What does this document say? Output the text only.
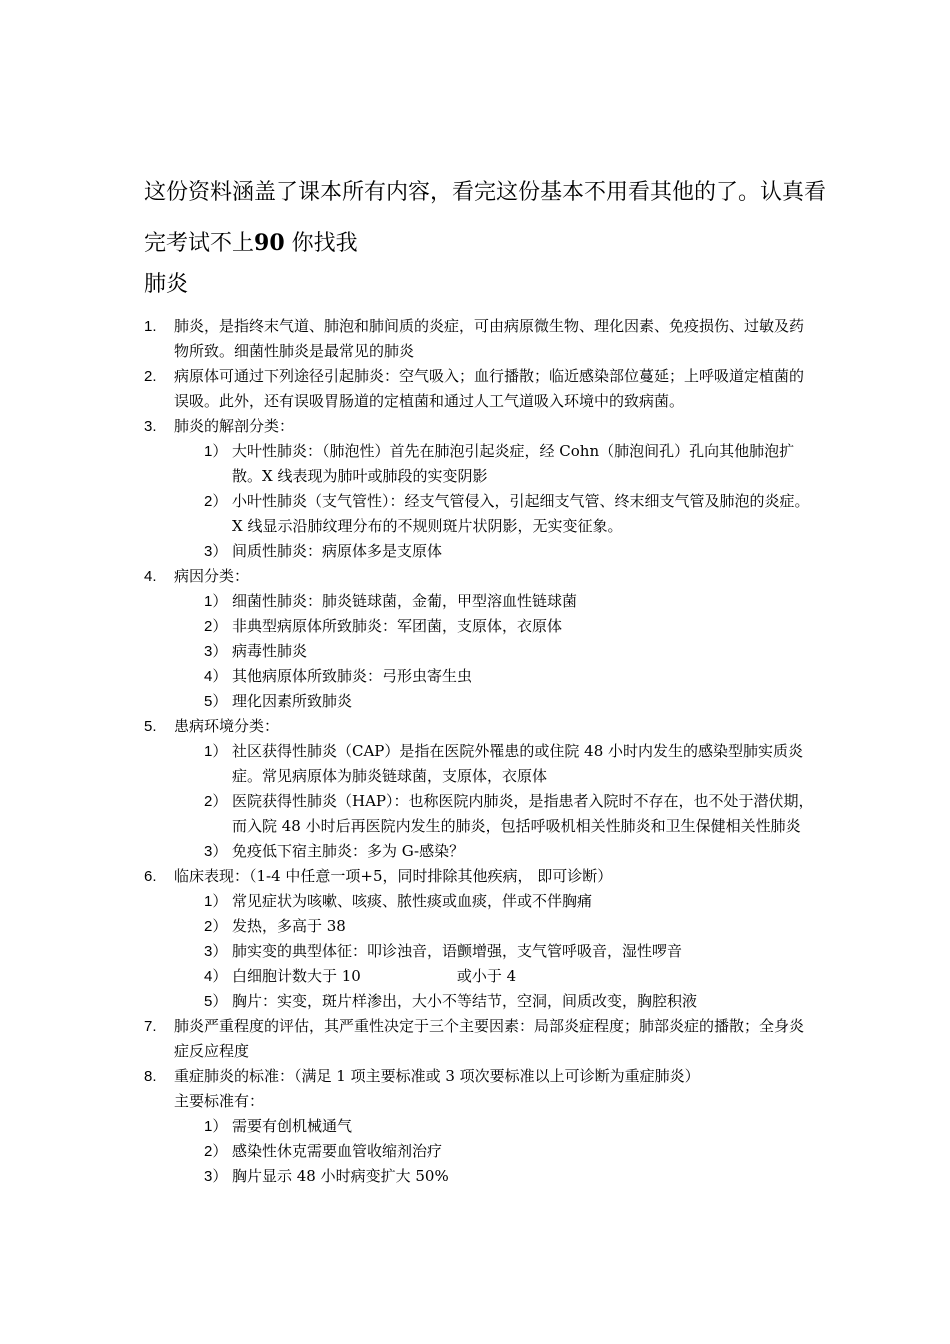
这份资料涵盖了课本所有内容，看完这份基本不用看其他的了。认真看完考试不上90 你找我

肺炎
1. 肺炎，是指终末气道、肺泡和肺间质的炎症，可由病原微生物、理化因素、免疫损伤、过敏及药物所致。细菌性肺炎是最常见的肺炎
2. 病原体可通过下列途径引起肺炎：空气吸入；血行播散；临近感染部位蔓延；上呼吸道定植菌的误吸。此外，还有误吸胃肠道的定植菌和通过人工气道吸入环境中的致病菌。
3. 肺炎的解剖分类：
1） 大叶性肺炎：（肺泡性）首先在肺泡引起炎症，经 Cohn（肺泡间孔）孔向其他肺泡扩散。X 线表现为肺叶或肺段的实变阴影
2） 小叶性肺炎（支气管性）：经支气管侵入，引起细支气管、终末细支气管及肺泡的炎症。X 线显示沿肺纹理分布的不规则斑片状阴影，无实变征象。
3） 间质性肺炎：病原体多是支原体
4. 病因分类：
1） 细菌性肺炎：肺炎链球菌，金葡，甲型溶血性链球菌
2） 非典型病原体所致肺炎：军团菌，支原体，衣原体
3） 病毒性肺炎
4） 其他病原体所致肺炎：弓形虫寄生虫
5） 理化因素所致肺炎
5. 患病环境分类：
1） 社区获得性肺炎（CAP）是指在医院外罹患的或住院 48 小时内发生的感染型肺实质炎症。常见病原体为肺炎链球菌，支原体，衣原体
2） 医院获得性肺炎（HAP）：也称医院内肺炎，是指患者入院时不存在，也不处于潜伏期，而入院 48 小时后再医院内发生的肺炎，包括呼吸机相关性肺炎和卫生保健相关性肺炎
3） 免疫低下宿主肺炎：多为 G-感染？
6. 临床表现：（1-4 中任意一项+5，同时排除其他疾病， 即可诊断）
1） 常见症状为咳嗽、咳痰、脓性痰或血痰，伴或不伴胸痛
2） 发热，多高于 38
3） 肺实变的典型体征：叩诊浊音，语颤增强，支气管呼吸音，湿性啰音
4） 白细胞计数大于 10	或小于 4
5） 胸片：实变，斑片样渗出，大小不等结节，空洞，间质改变，胸腔积液
7. 肺炎严重程度的评估，其严重性决定于三个主要因素：局部炎症程度；肺部炎症的播散；全身炎症反应程度
8. 重症肺炎的标准：（满足 1 项主要标准或 3 项次要标准以上可诊断为重症肺炎）
主要标准有：
1） 需要有创机械通气
2） 感染性休克需要血管收缩剂治疗
3） 胸片显示 48 小时病变扩大 50%
